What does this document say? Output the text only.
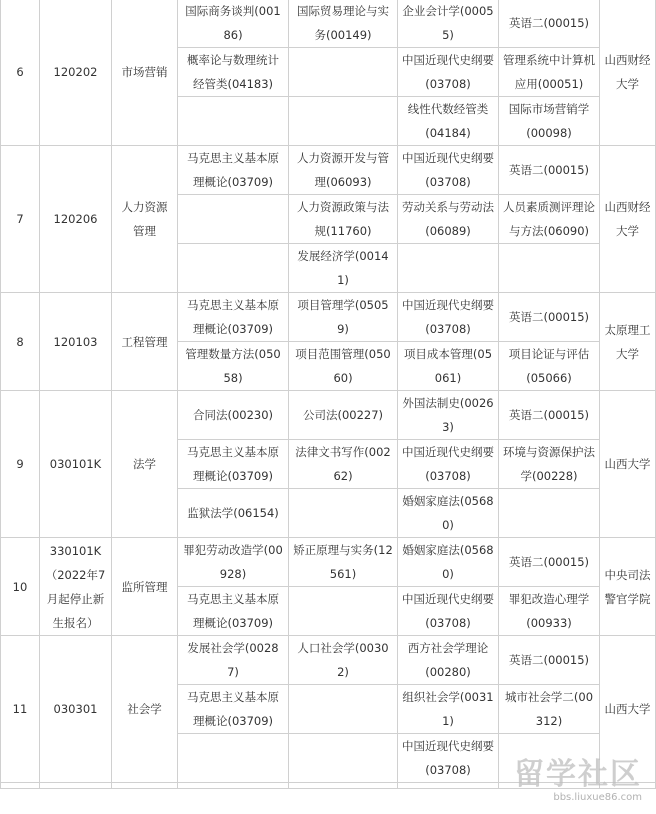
6	120202	市场营销	国际商务谈判(00186)	国际贸易理论与实务(00149)	企业会计学(00055)	英语二(00015)	山西财经大学
			概率论与数理统计经管类(04183)		中国近现代史纲要(03708)	管理系统中计算机应用(00051)	
					线性代数经管类(04184)	国际市场营销学(00098)	
7	120206	人力资源管理	马克思主义基本原理概论(03709)	人力资源开发与管理(06093)	中国近现代史纲要(03708)	英语二(00015)	山西财经大学
				人力资源政策与法规(11760)	劳动关系与劳动法(06089)	人员素质测评理论与方法(06090)	
				发展经济学(00141)			
8	120103	工程管理	马克思主义基本原理概论(03709)	项目管理学(05059)	中国近现代史纲要(03708)	英语二(00015)	太原理工大学
			管理数量方法(05058)	项目范围管理(05060)	项目成本管理(05061)	项目论证与评估(05066)	
9	030101K	法学	合同法(00230)	公司法(00227)	外国法制史(00263)	英语二(00015)	山西大学
			马克思主义基本原理概论(03709)	法律文书写作(00262)	中国近现代史纲要(03708)	环境与资源保护法学(00228)	
			监狱法学(06154)		婚姻家庭法(05680)		
10	330101K（2022年7月起停止新生报名）	监所管理	罪犯劳动改造学(00928)	矫正原理与实务(12561)	婚姻家庭法(05680)	英语二(00015)	中央司法警官学院
			马克思主义基本原理概论(03709)		中国近现代史纲要(03708)	罪犯改造心理学(00933)	
11	030301	社会学	发展社会学(00287)	人口社会学(00302)	西方社会学理论(00280)	英语二(00015)	山西大学
			马克思主义基本原理概论(03709)		组织社会学(00311)	城市社会学二(00312)	
					中国近现代史纲要(03708)		
							留学社区
bbs.liuxue86.com
